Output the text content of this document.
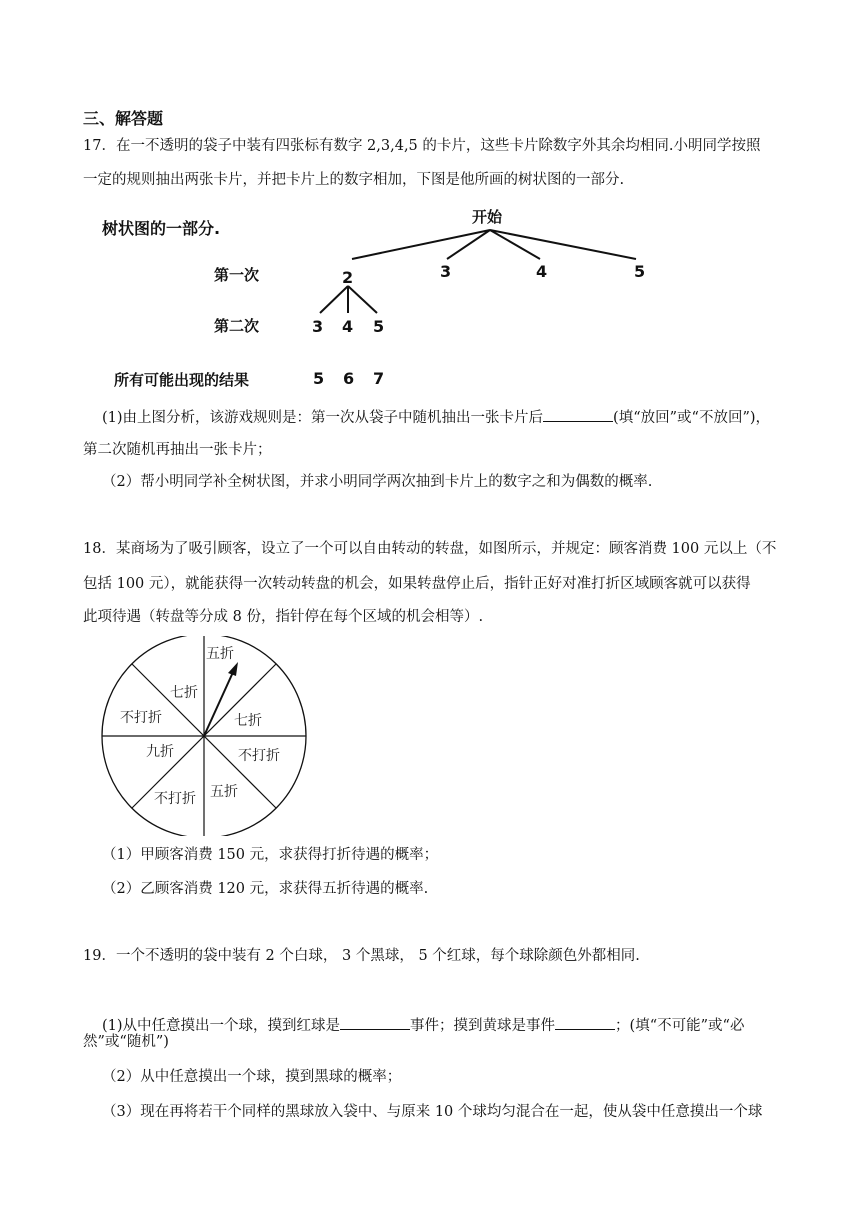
三、解答题
17．在一不透明的袋子中装有四张标有数字 2,3,4,5 的卡片，这些卡片除数字外其余均相同.小明同学按照
一定的规则抽出两张卡片，并把卡片上的数字相加，下图是他所画的树状图的一部分.
树状图的一部分.
开始
第一次
第二次
所有可能出现的结果
2	3	4	5
3 4 5
5 6 7
(1)由上图分析，该游戏规则是：第一次从袋子中随机抽出一张卡片后	(填“放回”或“不放回”)，
第二次随机再抽出一张卡片；
（2）帮小明同学补全树状图，并求小明同学两次抽到卡片上的数字之和为偶数的概率.
18．某商场为了吸引顾客，设立了一个可以自由转动的转盘，如图所示，并规定：顾客消费 100 元以上（不
包括 100 元），就能获得一次转动转盘的机会，如果转盘停止后，指针正好对准打折区域顾客就可以获得
此项待遇（转盘等分成 8 份，指针停在每个区域的机会相等）.
五折
七折
不打折	七折
不打折
九折
五折
不打折
（1）甲顾客消费 150 元，求获得打折待遇的概率；
（2）乙顾客消费 120 元，求获得五折待遇的概率.
19．一个不透明的袋中装有 2 个白球， 3 个黑球， 5 个红球，每个球除颜色外都相同.
(1)从中任意摸出一个球，摸到红球是	事件；摸到黄球是事件	；(填“不可能”或“必
然”或“随机”)
（2）从中任意摸出一个球，摸到黑球的概率；
（3）现在再将若干个同样的黑球放入袋中、与原来 10 个球均匀混合在一起，使从袋中任意摸出一个球
